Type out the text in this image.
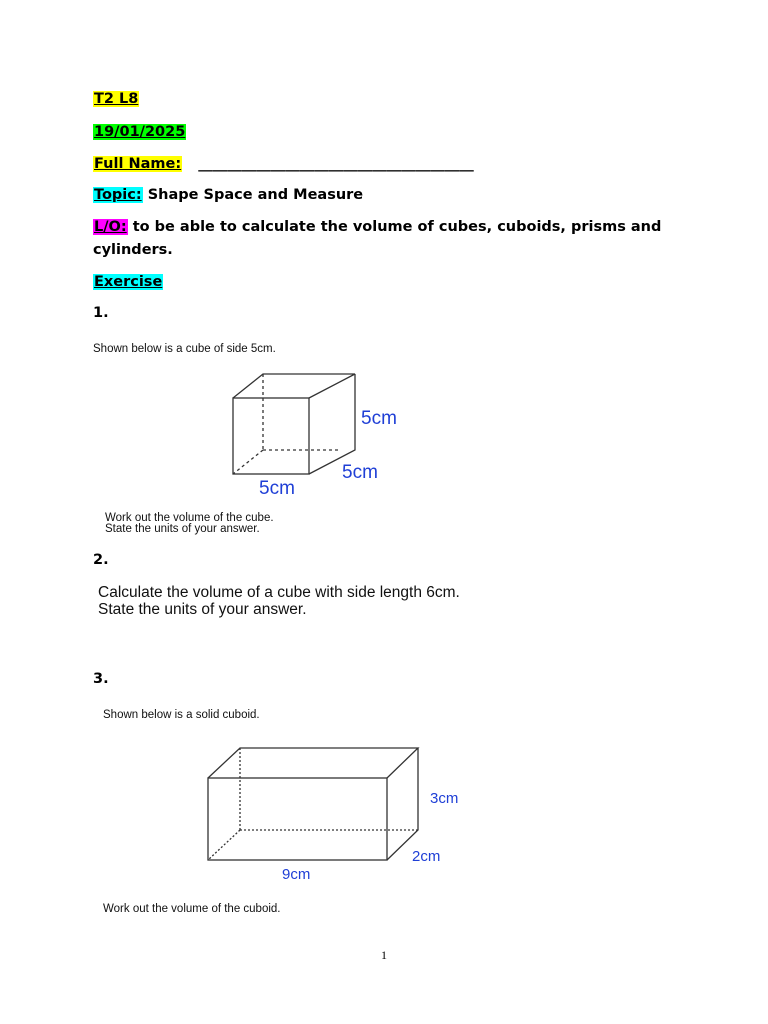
T2 L8
19/01/2025
Full Name: ______________________________________
Topic: Shape Space and Measure
L/O: to be able to calculate the volume of cubes, cuboids, prisms and
cylinders.
Exercise
1.
Shown below is a cube of side 5cm.
5cm
5cm
5cm
Work out the volume of the cube.
State the units of your answer.
2.
Calculate the volume of a cube with side length 6cm.
State the units of your answer.
3.
Shown below is a solid cuboid.
3cm
2cm
9cm
Work out the volume of the cuboid.
1
